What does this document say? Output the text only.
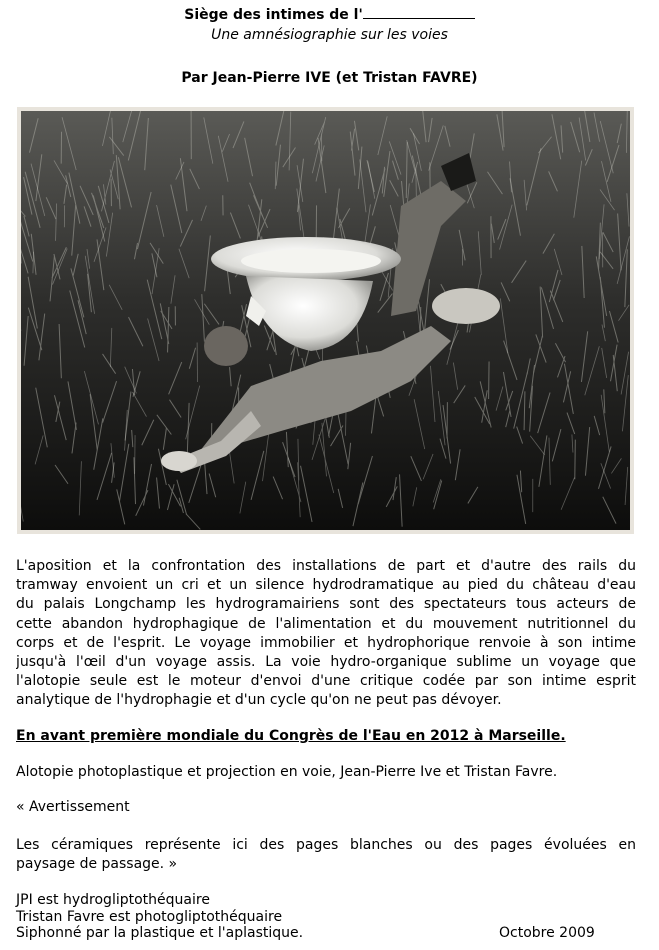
Siège des intimes de l'
Une amnésiographie sur les voies
Par Jean-Pierre IVE (et Tristan FAVRE)
L'aposition et la confrontation des installations de part et d'autre des rails du
tramway envoient un cri et un silence hydrodramatique au pied du château d'eau
du palais Longchamp les hydrogramairiens sont des spectateurs tous acteurs de
cette abandon hydrophagique de l'alimentation et du mouvement nutritionnel du
corps et de l'esprit. Le voyage immobilier et hydrophorique renvoie à son intime
jusqu'à l'œil d'un voyage assis. La voie hydro-organique sublime un voyage que
l'alotopie seule est le moteur d'envoi d'une critique codée par son intime esprit
analytique de l'hydrophagie et d'un cycle qu'on ne peut pas dévoyer.
En avant première mondiale du Congrès de l'Eau en 2012 à Marseille.
Alotopie photoplastique et projection en voie, Jean-Pierre Ive et Tristan Favre.
« Avertissement
Les céramiques représente ici des pages blanches ou des pages évoluées en
paysage de passage. »
JPI est hydrogliptothéquaire
Tristan Favre est photogliptothéquaire
Siphonné par la plastique et l'aplastique.	Octobre 2009
